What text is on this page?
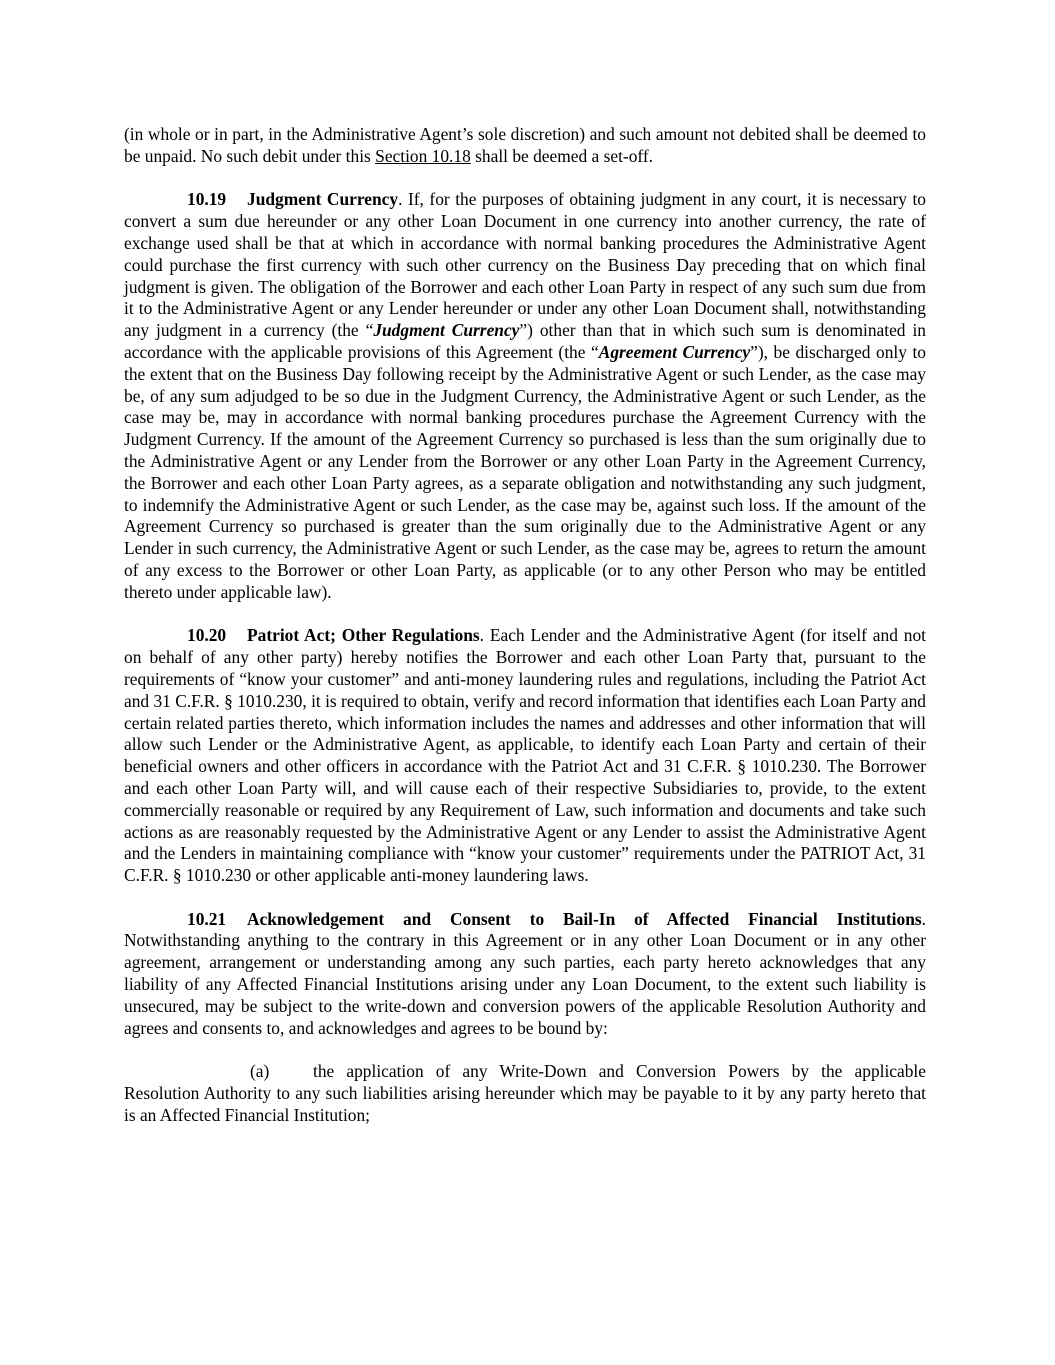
(in whole or in part, in the Administrative Agent’s sole discretion) and such amount not debited shall be deemed to be unpaid. No such debit under this Section 10.18 shall be deemed a set-off.

10.19 Judgment Currency. If, for the purposes of obtaining judgment in any court, it is necessary to convert a sum due hereunder or any other Loan Document in one currency into another currency, the rate of exchange used shall be that at which in accordance with normal banking procedures the Administrative Agent could purchase the first currency with such other currency on the Business Day preceding that on which final judgment is given. The obligation of the Borrower and each other Loan Party in respect of any such sum due from it to the Administrative Agent or any Lender hereunder or under any other Loan Document shall, notwithstanding any judgment in a currency (the “Judgment Currency”) other than that in which such sum is denominated in accordance with the applicable provisions of this Agreement (the “Agreement Currency”), be discharged only to the extent that on the Business Day following receipt by the Administrative Agent or such Lender, as the case may be, of any sum adjudged to be so due in the Judgment Currency, the Administrative Agent or such Lender, as the case may be, may in accordance with normal banking procedures purchase the Agreement Currency with the Judgment Currency. If the amount of the Agreement Currency so purchased is less than the sum originally due to the Administrative Agent or any Lender from the Borrower or any other Loan Party in the Agreement Currency, the Borrower and each other Loan Party agrees, as a separate obligation and notwithstanding any such judgment, to indemnify the Administrative Agent or such Lender, as the case may be, against such loss. If the amount of the Agreement Currency so purchased is greater than the sum originally due to the Administrative Agent or any Lender in such currency, the Administrative Agent or such Lender, as the case may be, agrees to return the amount of any excess to the Borrower or other Loan Party, as applicable (or to any other Person who may be entitled thereto under applicable law).

10.20 Patriot Act; Other Regulations. Each Lender and the Administrative Agent (for itself and not on behalf of any other party) hereby notifies the Borrower and each other Loan Party that, pursuant to the requirements of “know your customer” and anti-money laundering rules and regulations, including the Patriot Act and 31 C.F.R. § 1010.230, it is required to obtain, verify and record information that identifies each Loan Party and certain related parties thereto, which information includes the names and addresses and other information that will allow such Lender or the Administrative Agent, as applicable, to identify each Loan Party and certain of their beneficial owners and other officers in accordance with the Patriot Act and 31 C.F.R. § 1010.230. The Borrower and each other Loan Party will, and will cause each of their respective Subsidiaries to, provide, to the extent commercially reasonable or required by any Requirement of Law, such information and documents and take such actions as are reasonably requested by the Administrative Agent or any Lender to assist the Administrative Agent and the Lenders in maintaining compliance with “know your customer” requirements under the PATRIOT Act, 31 C.F.R. § 1010.230 or other applicable anti-money laundering laws.

10.21 Acknowledgement and Consent to Bail-In of Affected Financial Institutions. Notwithstanding anything to the contrary in this Agreement or in any other Loan Document or in any other agreement, arrangement or understanding among any such parties, each party hereto acknowledges that any liability of any Affected Financial Institutions arising under any Loan Document, to the extent such liability is unsecured, may be subject to the write-down and conversion powers of the applicable Resolution Authority and agrees and consents to, and acknowledges and agrees to be bound by:

(a)	the application of any Write-Down and Conversion Powers by the applicable Resolution Authority to any such liabilities arising hereunder which may be payable to it by any party hereto that is an Affected Financial Institution;
